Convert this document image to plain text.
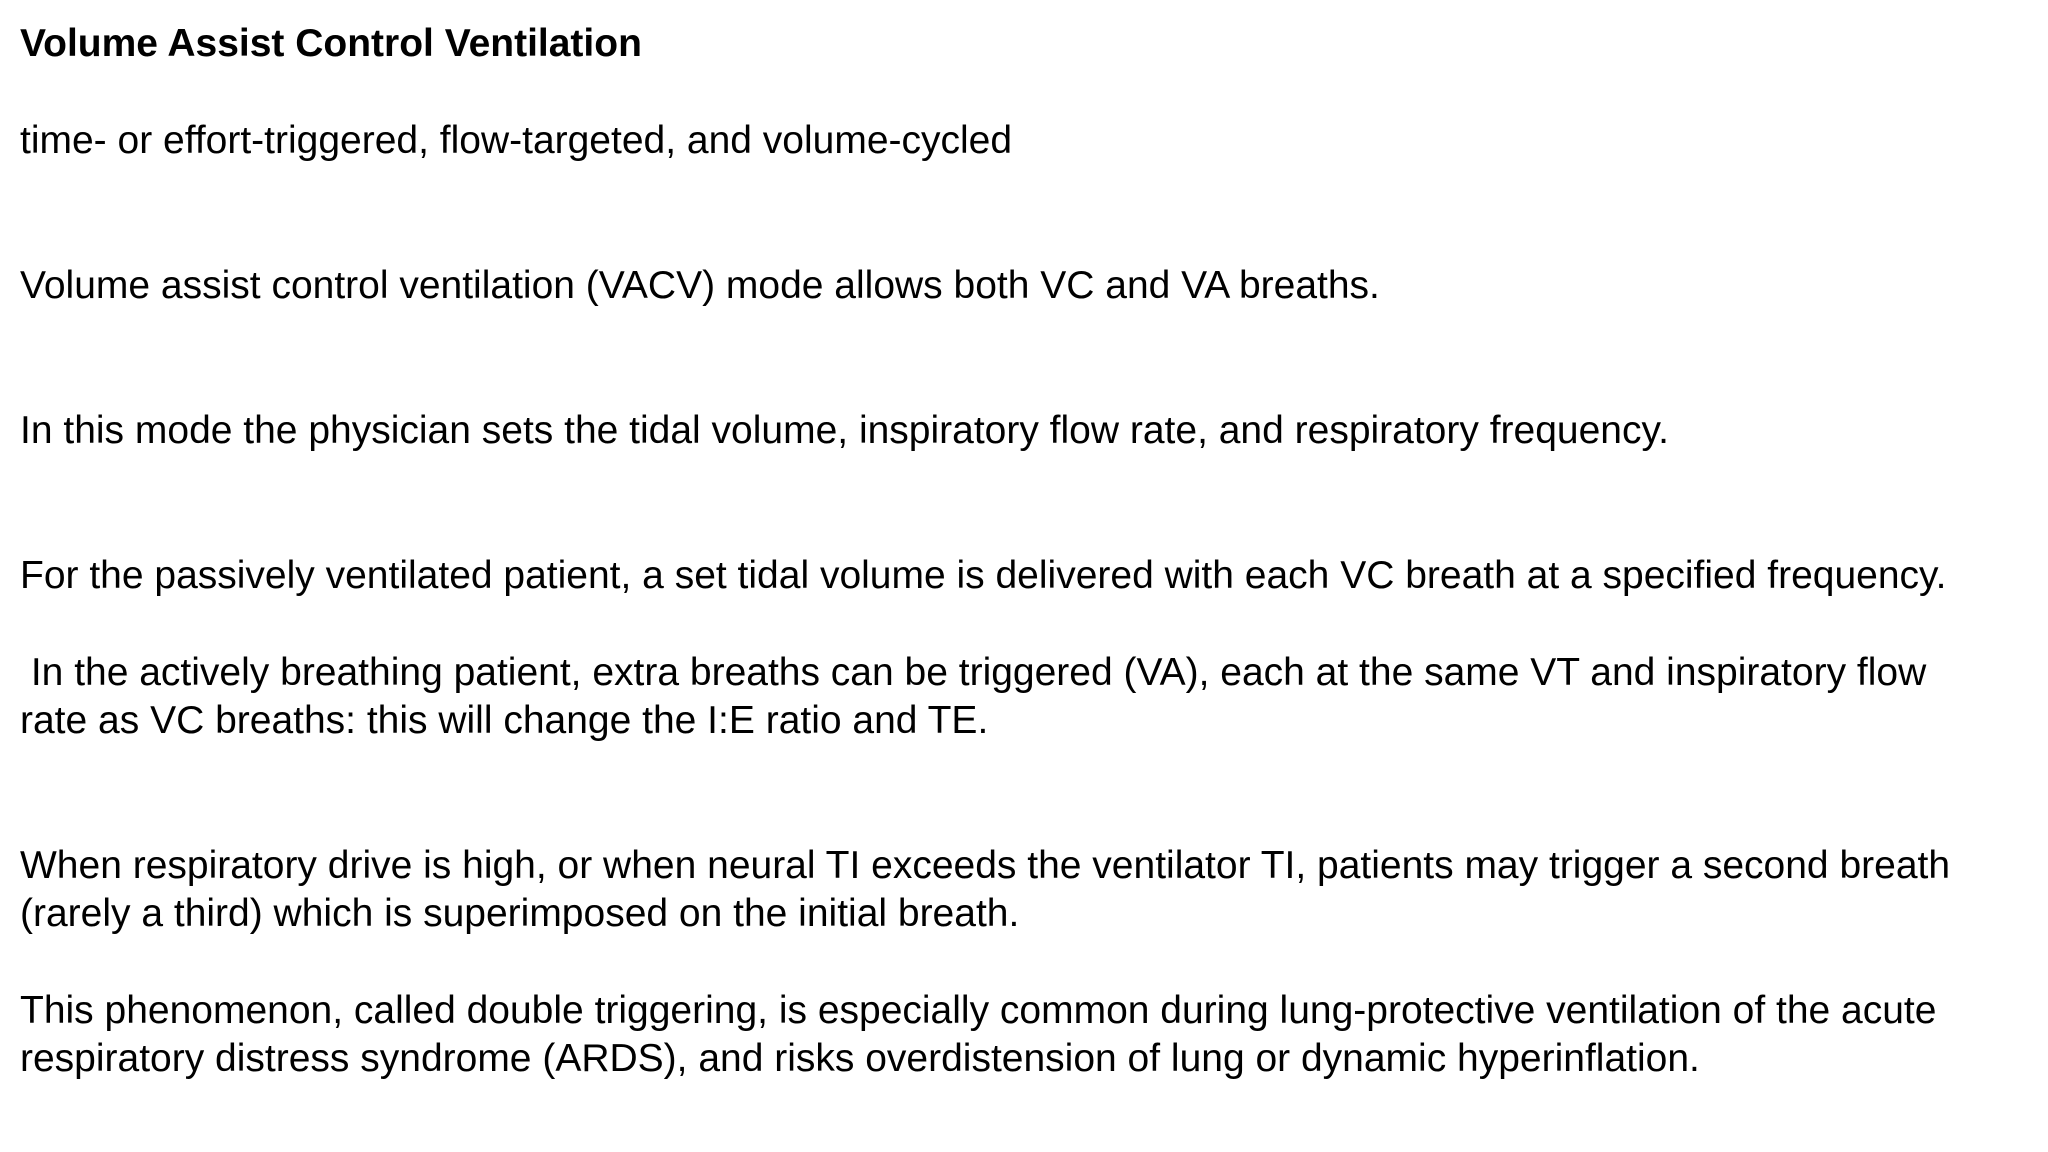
Volume Assist Control Ventilation

time- or effort-triggered, flow-targeted, and volume-cycled

Volume assist control ventilation (VACV) mode allows both VC and VA breaths.

In this mode the physician sets the tidal volume, inspiratory flow rate, and respiratory frequency.

For the passively ventilated patient, a set tidal volume is delivered with each VC breath at a specified frequency.

In the actively breathing patient, extra breaths can be triggered (VA), each at the same VT and inspiratory flow

rate as VC breaths: this will change the I:E ratio and TE.

When respiratory drive is high, or when neural TI exceeds the ventilator TI, patients may trigger a second breath

(rarely a third) which is superimposed on the initial breath.

This phenomenon, called double triggering, is especially common during lung-protective ventilation of the acute

respiratory distress syndrome (ARDS), and risks overdistension of lung or dynamic hyperinflation.
